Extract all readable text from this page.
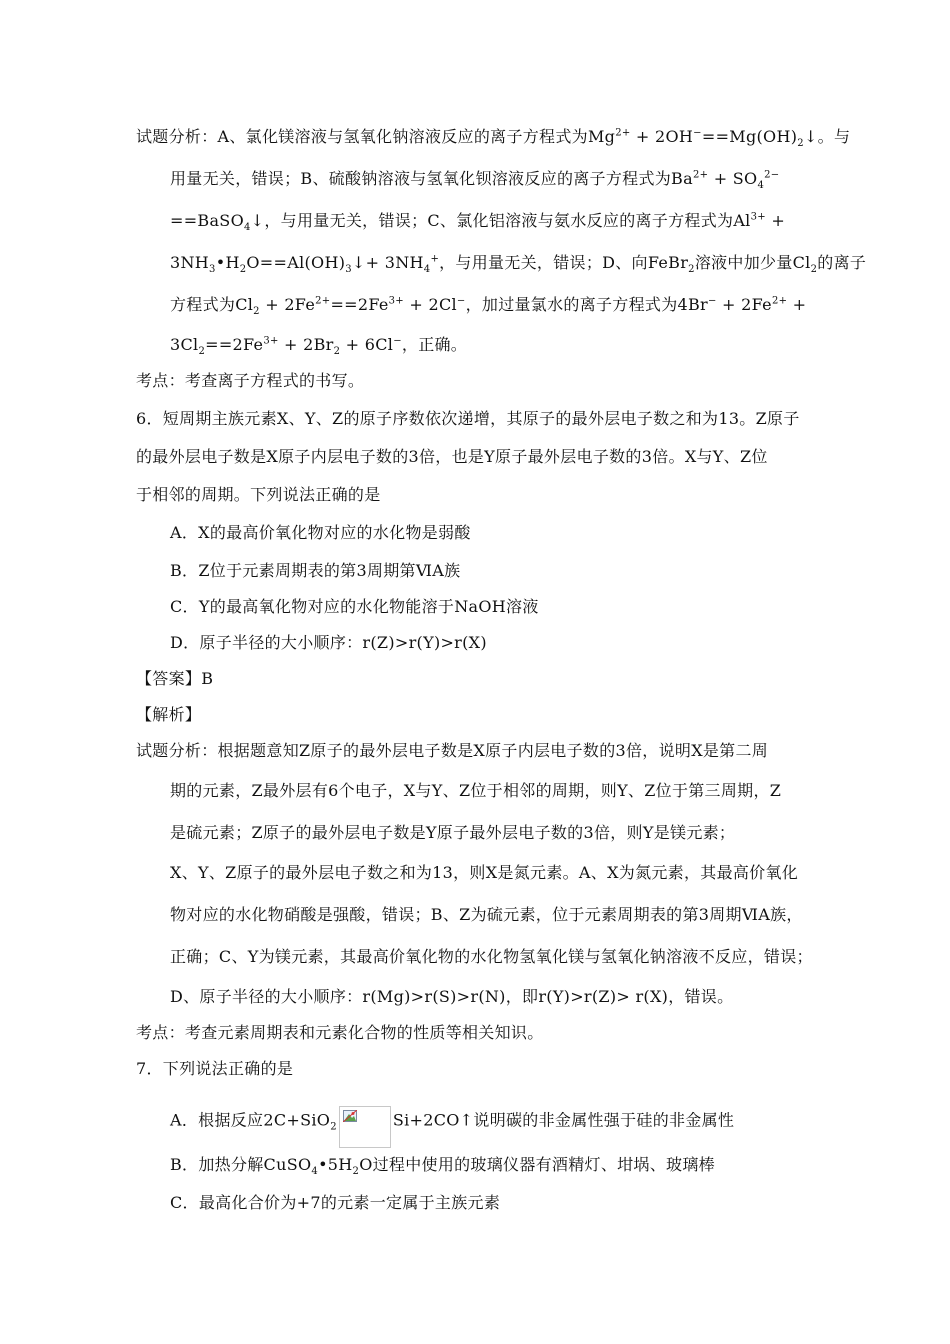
试题分析：A、氯化镁溶液与氢氧化钠溶液反应的离子方程式为$Mg^{2+}$ + $2OH^-==Mg(OH)_2↓$。与
用量无关，错误；B、硫酸钠溶液与氢氧化钡溶液反应的离子方程式为$Ba^{2+} + SO_4^{2-}$
==BaSO$_4$↓，与用量无关，错误；C、氯化铝溶液与氨水反应的离子方程式为$Al^{3+}$ +
$3NH_3•H_2O==Al(OH)_3↓+ 3NH_4^+$，与用量无关，错误；D、向FeBr$_2$溶液中加少量$Cl_2$的离子
方程式为$Cl_2 + 2Fe^{2+}==2Fe^{3+} + 2Cl^-$，加过量氯水的离子方程式为$4Br^- + 2Fe^{2+}$ +
$3Cl_2==2Fe^{3+} + 2Br_2 + 6Cl^-$，正确。
考点：考查离子方程式的书写。
6．短周期主族元素X、Y、Z的原子序数依次递增，其原子的最外层电子数之和为13。Z原子
的最外层电子数是X原子内层电子数的3倍，也是Y原子最外层电子数的3倍。X与Y、Z位
于相邻的周期。下列说法正确的是
A．X的最高价氧化物对应的水化物是弱酸
B．Z位于元素周期表的第3周期第ⅥA族
C．Y的最高氧化物对应的水化物能溶于NaOH溶液
D．原子半径的大小顺序：r(Z)>r(Y)>r(X)
【答案】B
【解析】
试题分析：根据题意知Z原子的最外层电子数是X原子内层电子数的3倍，说明X是第二周
期的元素，Z最外层有6个电子，X与Y、Z位于相邻的周期，则Y、Z位于第三周期，Z
是硫元素；Z原子的最外层电子数是Y原子最外层电子数的3倍，则Y是镁元素；
X、Y、Z原子的最外层电子数之和为13，则X是氮元素。A、X为氮元素，其最高价氧化
物对应的水化物硝酸是强酸，错误；B、Z为硫元素，位于元素周期表的第3周期ⅥA族，
正确；C、Y为镁元素，其最高价氧化物的水化物氢氧化镁与氢氧化钠溶液不反应，错误；
D、原子半径的大小顺序：r(Mg)>r(S)>r(N)，即r(Y)>r(Z)> r(X)，错误。
考点：考查元素周期表和元素化合物的性质等相关知识。
7．下列说法正确的是
A．根据反应2C+SiO$_2$	Si+2CO↑说明碳的非金属性强于硅的非金属性
B．加热分解$CuSO_4•5H_2O$过程中使用的玻璃仪器有酒精灯、坩埚、玻璃棒
C．最高化合价为+7的元素一定属于主族元素
